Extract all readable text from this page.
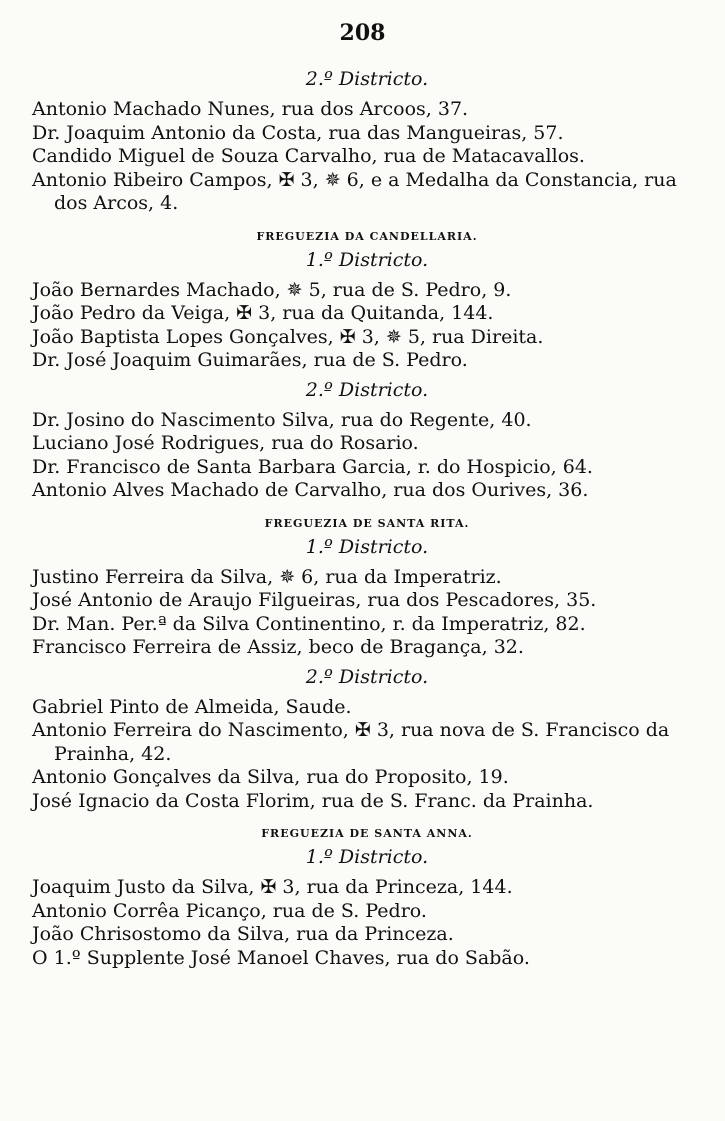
208
2.º Districto.
Antonio Machado Nunes, rua dos Arcoos, 37.
Dr. Joaquim Antonio da Costa, rua das Mangueiras, 57.
Candido Miguel de Souza Carvalho, rua de Matacavallos.
Antonio Ribeiro Campos, ✠ 3, ✵ 6, e a Medalha da Constancia, rua dos Arcos, 4.
FREGUEZIA DA CANDELLARIA.
1.º Districto.
João Bernardes Machado, ✵ 5, rua de S. Pedro, 9.
João Pedro da Veiga, ✠ 3, rua da Quitanda, 144.
João Baptista Lopes Gonçalves, ✠ 3, ✵ 5, rua Direita.
Dr. José Joaquim Guimarães, rua de S. Pedro.
2.º Districto.
Dr. Josino do Nascimento Silva, rua do Regente, 40.
Luciano José Rodrigues, rua do Rosario.
Dr. Francisco de Santa Barbara Garcia, r. do Hospicio, 64.
Antonio Alves Machado de Carvalho, rua dos Ourives, 36.
FREGUEZIA DE SANTA RITA.
1.º Districto.
Justino Ferreira da Silva, ✵ 6, rua da Imperatriz.
José Antonio de Araujo Filgueiras, rua dos Pescadores, 35.
Dr. Man. Per.ª da Silva Continentino, r. da Imperatriz, 82.
Francisco Ferreira de Assiz, beco de Bragança, 32.
2.º Districto.
Gabriel Pinto de Almeida, Saude.
Antonio Ferreira do Nascimento, ✠ 3, rua nova de S. Francisco da Prainha, 42.
Antonio Gonçalves da Silva, rua do Proposito, 19.
José Ignacio da Costa Florim, rua de S. Franc. da Prainha.
FREGUEZIA DE SANTA ANNA.
1.º Districto.
Joaquim Justo da Silva, ✠ 3, rua da Princeza, 144.
Antonio Corrêa Picanço, rua de S. Pedro.
João Chrisostomo da Silva, rua da Princeza.
O 1.º Supplente José Manoel Chaves, rua do Sabão.
